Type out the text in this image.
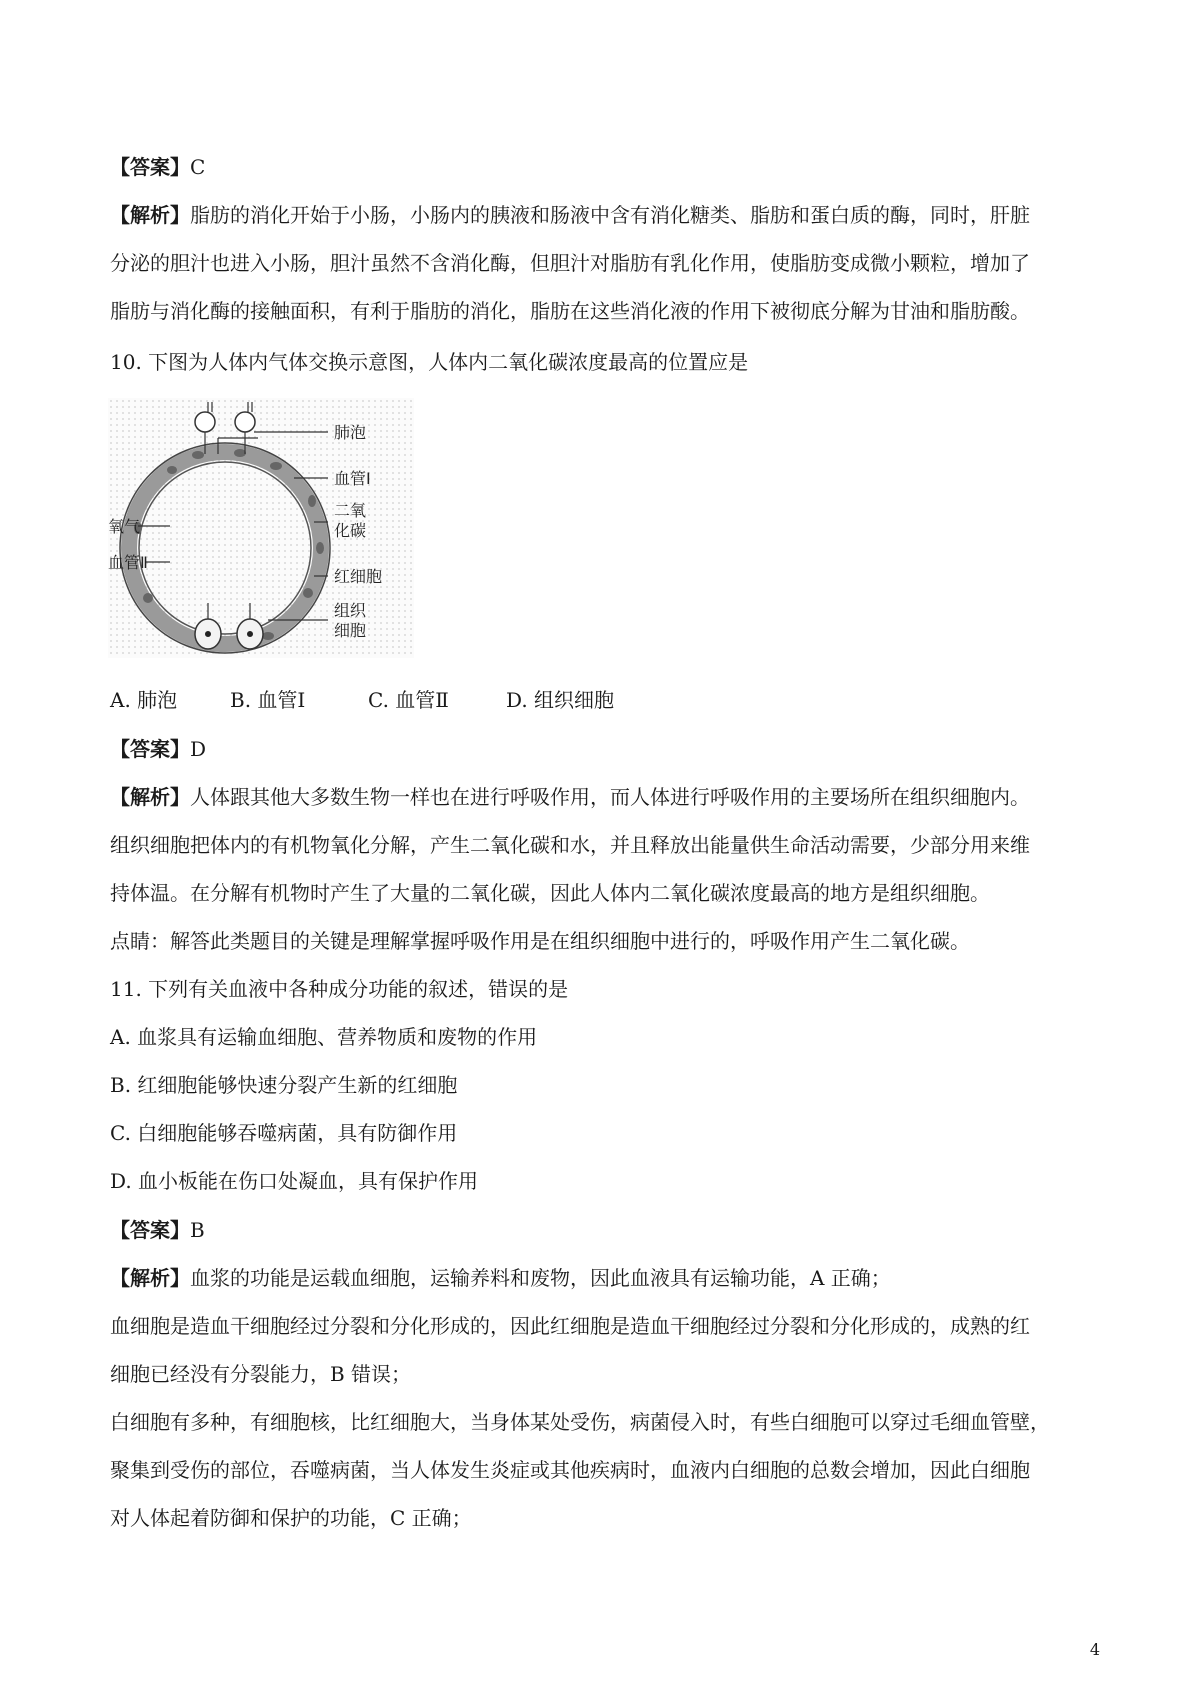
【答案】C
【解析】脂肪的消化开始于小肠，小肠内的胰液和肠液中含有消化糖类、脂肪和蛋白质的酶，同时，肝脏
分泌的胆汁也进入小肠，胆汁虽然不含消化酶，但胆汁对脂肪有乳化作用，使脂肪变成微小颗粒，增加了
脂肪与消化酶的接触面积，有利于脂肪的消化，脂肪在这些消化液的作用下被彻底分解为甘油和脂肪酸。
10. 下图为人体内气体交换示意图，人体内二氧化碳浓度最高的位置应是
肺泡
血管Ⅰ
二氧
化碳
红细胞
组织
细胞
氧气
血管Ⅱ
A. 肺泡	B. 血管Ⅰ	C. 血管Ⅱ	D. 组织细胞
【答案】D
【解析】人体跟其他大多数生物一样也在进行呼吸作用，而人体进行呼吸作用的主要场所在组织细胞内。
组织细胞把体内的有机物氧化分解，产生二氧化碳和水，并且释放出能量供生命活动需要，少部分用来维
持体温。在分解有机物时产生了大量的二氧化碳，因此人体内二氧化碳浓度最高的地方是组织细胞。
点睛：解答此类题目的关键是理解掌握呼吸作用是在组织细胞中进行的，呼吸作用产生二氧化碳。
11. 下列有关血液中各种成分功能的叙述，错误的是
A. 血浆具有运输血细胞、营养物质和废物的作用
B. 红细胞能够快速分裂产生新的红细胞
C. 白细胞能够吞噬病菌，具有防御作用
D. 血小板能在伤口处凝血，具有保护作用
【答案】B
【解析】血浆的功能是运载血细胞，运输养料和废物，因此血液具有运输功能，A 正确；
血细胞是造血干细胞经过分裂和分化形成的，因此红细胞是造血干细胞经过分裂和分化形成的，成熟的红
细胞已经没有分裂能力，B 错误；
白细胞有多种，有细胞核，比红细胞大，当身体某处受伤，病菌侵入时，有些白细胞可以穿过毛细血管壁，
聚集到受伤的部位，吞噬病菌，当人体发生炎症或其他疾病时，血液内白细胞的总数会增加，因此白细胞
对人体起着防御和保护的功能，C 正确；
4
